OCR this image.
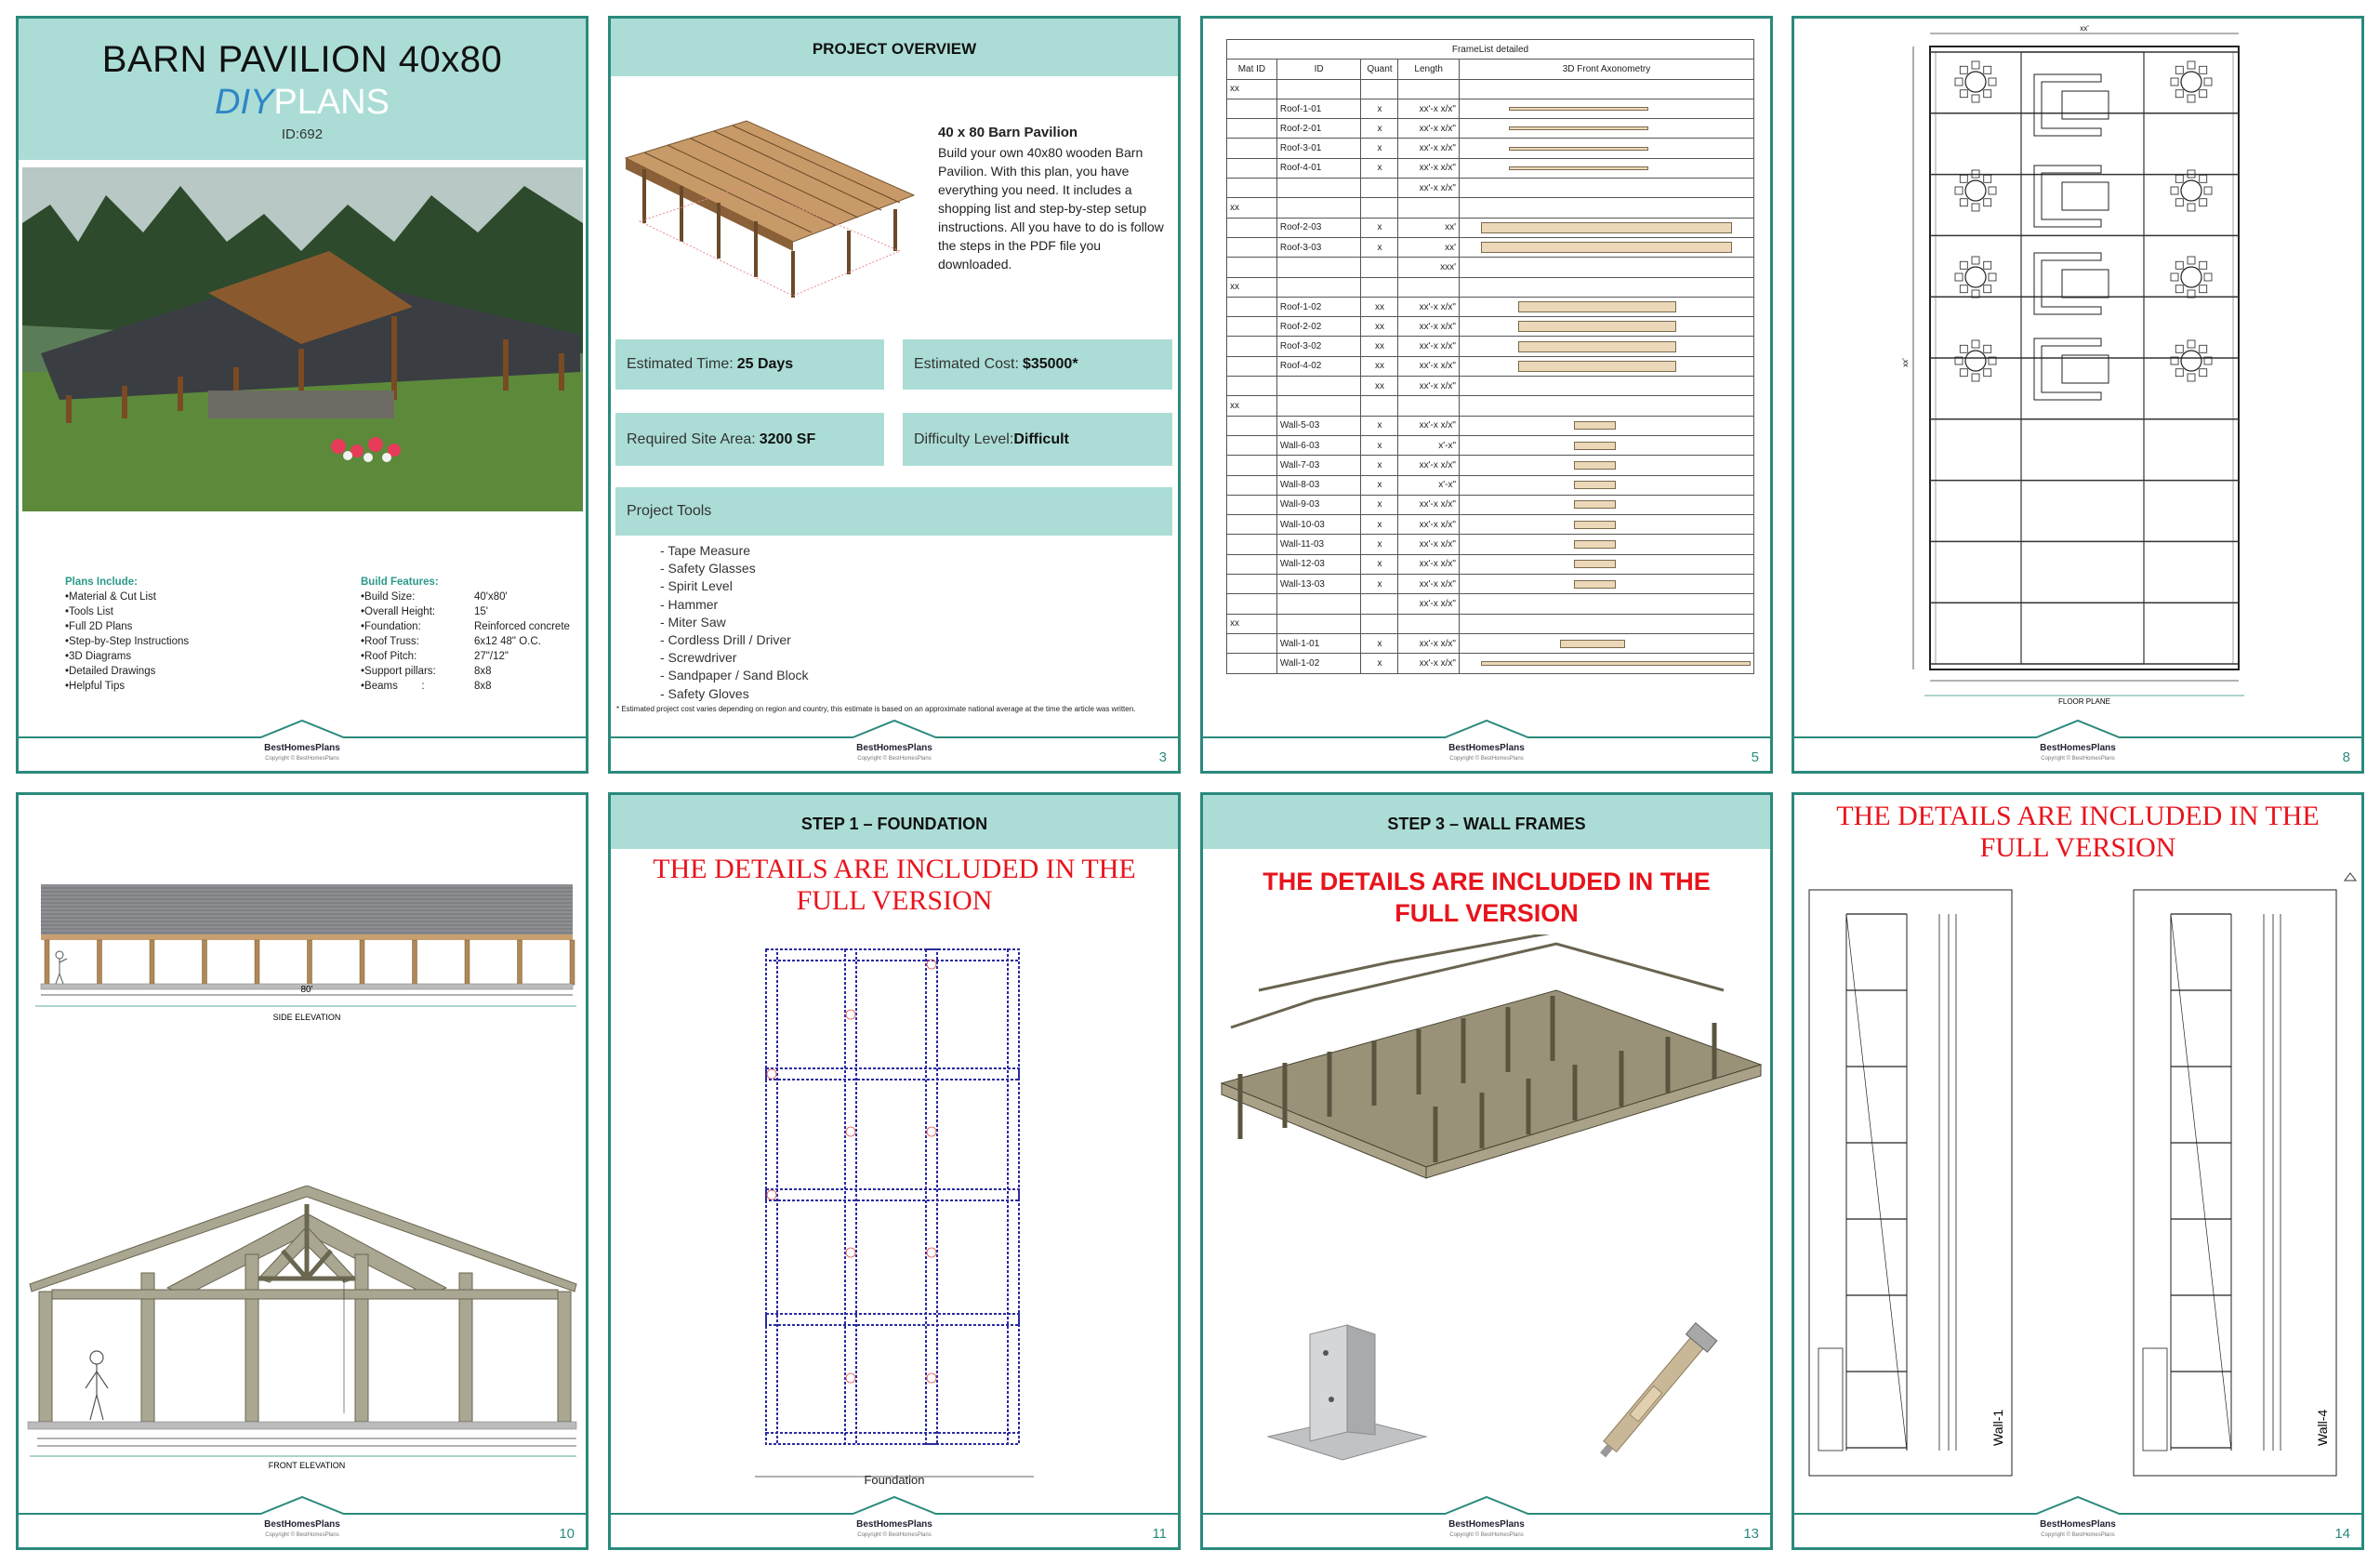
BARN PAVILION 40x80
DIYPLANS
ID:692
Plans Include:
•Material & Cut List
•Tools List
•Full 2D Plans
•Step-by-Step Instructions
•3D Diagrams
•Detailed Drawings
•Helpful Tips
Build Features:
•Build Size:	40'x80'
•Overall Height:	15'
•Foundation:	Reinforced concrete
•Roof Truss:	6x12 48" O.C.
•Roof Pitch:	27"/12"
•Support pillars:	8x8
•Beams        :	8x8
BestHomesPlans
Copyright © BestHomesPlans
PROJECT OVERVIEW
40 x 80 Barn Pavilion
Build your own 40x80 wooden Barn Pavilion. With this plan, you have everything you need. It includes a shopping list and step-by-step setup instructions. All you have to do is follow the steps in the PDF file you downloaded.
Estimated Time: 25 Days	Estimated Cost: $35000*
Required Site Area: 3200 SF	Difficulty Level: Difficult
Project Tools
- Tape Measure
- Safety Glasses
- Spirit Level
- Hammer
- Miter Saw
- Cordless Drill / Driver
- Screwdriver
- Sandpaper / Sand Block
- Safety Gloves
* Estimated project cost varies depending on region and country, this estimate is based on an approximate national average at the time the article was written.
BestHomesPlans
Copyright © BestHomesPlans	3
FrameList detailed				
Mat ID	ID	Quant	Length	3D Front Axonometry
xx				
	Roof-1-01	x	xx'-x x/x"	

	Roof-2-01	x	xx'-x x/x"	

	Roof-3-01	x	xx'-x x/x"	

	Roof-4-01	x	xx'-x x/x"	

			xx'-x x/x"	
xx				
	Roof-2-03	x	xx'	

	Roof-3-03	x	xx'	

			xxx'	
xx				
	Roof-1-02	xx	xx'-x x/x"	

	Roof-2-02	xx	xx'-x x/x"	

	Roof-3-02	xx	xx'-x x/x"	

	Roof-4-02	xx	xx'-x x/x"	

		xx	xx'-x x/x"	
xx				
	Wall-5-03	x	xx'-x x/x"	

	Wall-6-03	x	x'-x"	

	Wall-7-03	x	xx'-x x/x"	

	Wall-8-03	x	x'-x"	

	Wall-9-03	x	xx'-x x/x"	

	Wall-10-03	x	xx'-x x/x"	

	Wall-11-03	x	xx'-x x/x"	

	Wall-12-03	x	xx'-x x/x"	

	Wall-13-03	x	xx'-x x/x"	

			xx'-x x/x"	
xx				
	Wall-1-01	x	xx'-x x/x"	

	Wall-1-02	x	xx'-x x/x"	
BestHomesPlans
Copyright © BestHomesPlans	5
xx'
xx'
FLOOR PLANE
BestHomesPlans
Copyright © BestHomesPlans	8
80'
SIDE ELEVATION
FRONT ELEVATION
BestHomesPlans
Copyright © BestHomesPlans	10
STEP 1 – FOUNDATION
THE DETAILS ARE INCLUDED IN THE
FULL VERSION
Foundation
BestHomesPlans
Copyright © BestHomesPlans	11
STEP 3 – WALL FRAMES
THE DETAILS ARE INCLUDED IN THE
FULL VERSION
BestHomesPlans
Copyright © BestHomesPlans	13
THE DETAILS ARE INCLUDED IN THE
FULL VERSION
Wall-1	Wall-4
BestHomesPlans
Copyright © BestHomesPlans	14
